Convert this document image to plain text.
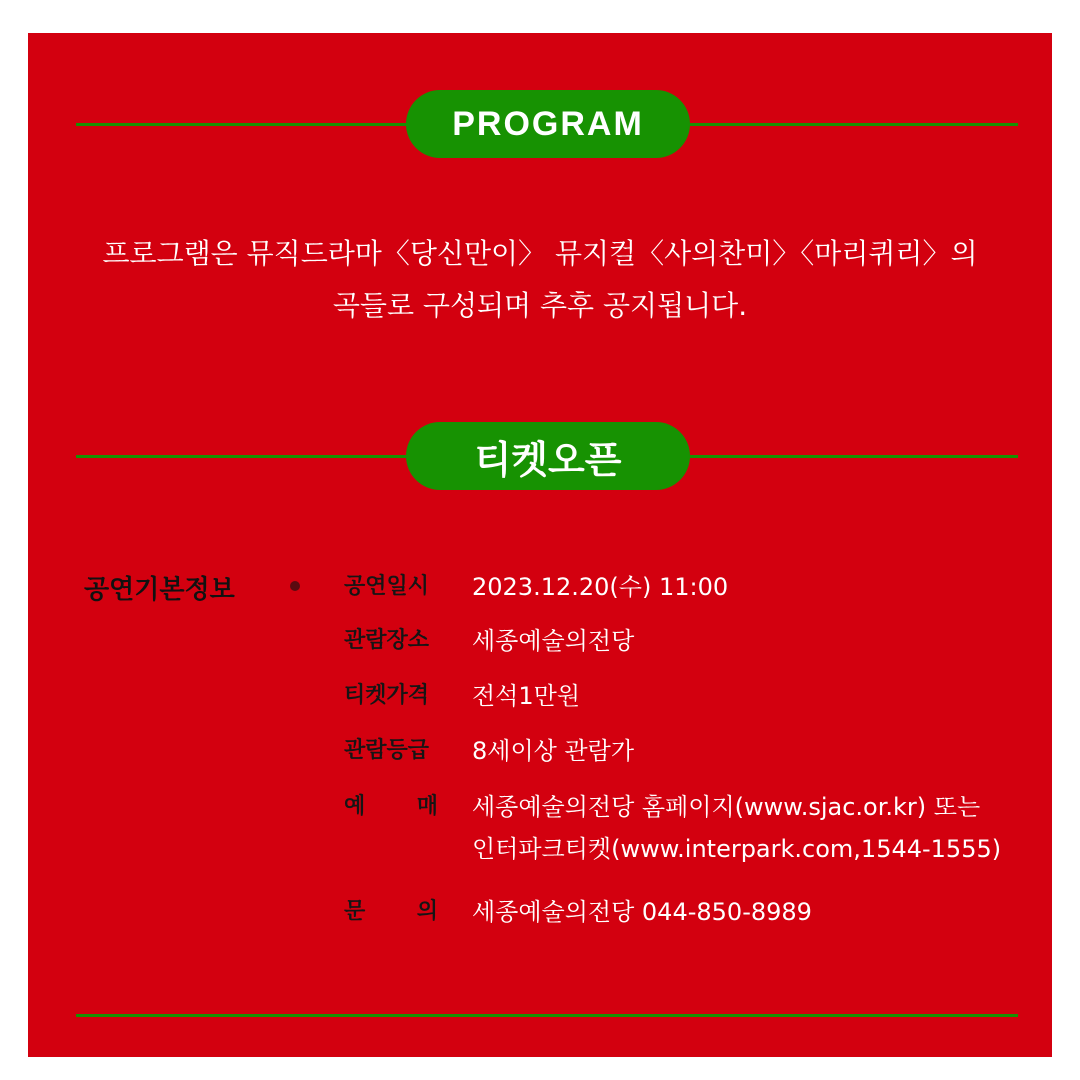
PROGRAM
프로그램은 뮤직드라마〈당신만이〉 뮤지컬〈사의찬미〉〈마리퀴리〉의
곡들로 구성되며 추후 공지됩니다.
티켓오픈
공연기본정보	공연일시 2023.12.20(수) 11:00
관람장소 세종예술의전당
티켓가격 전석1만원
관람등급 8세이상 관람가
예 매 세종예술의전당 홈페이지(www.sjac.or.kr) 또는
인터파크티켓(www.interpark.com,1544-1555)
문 의 세종예술의전당 044-850-8989
